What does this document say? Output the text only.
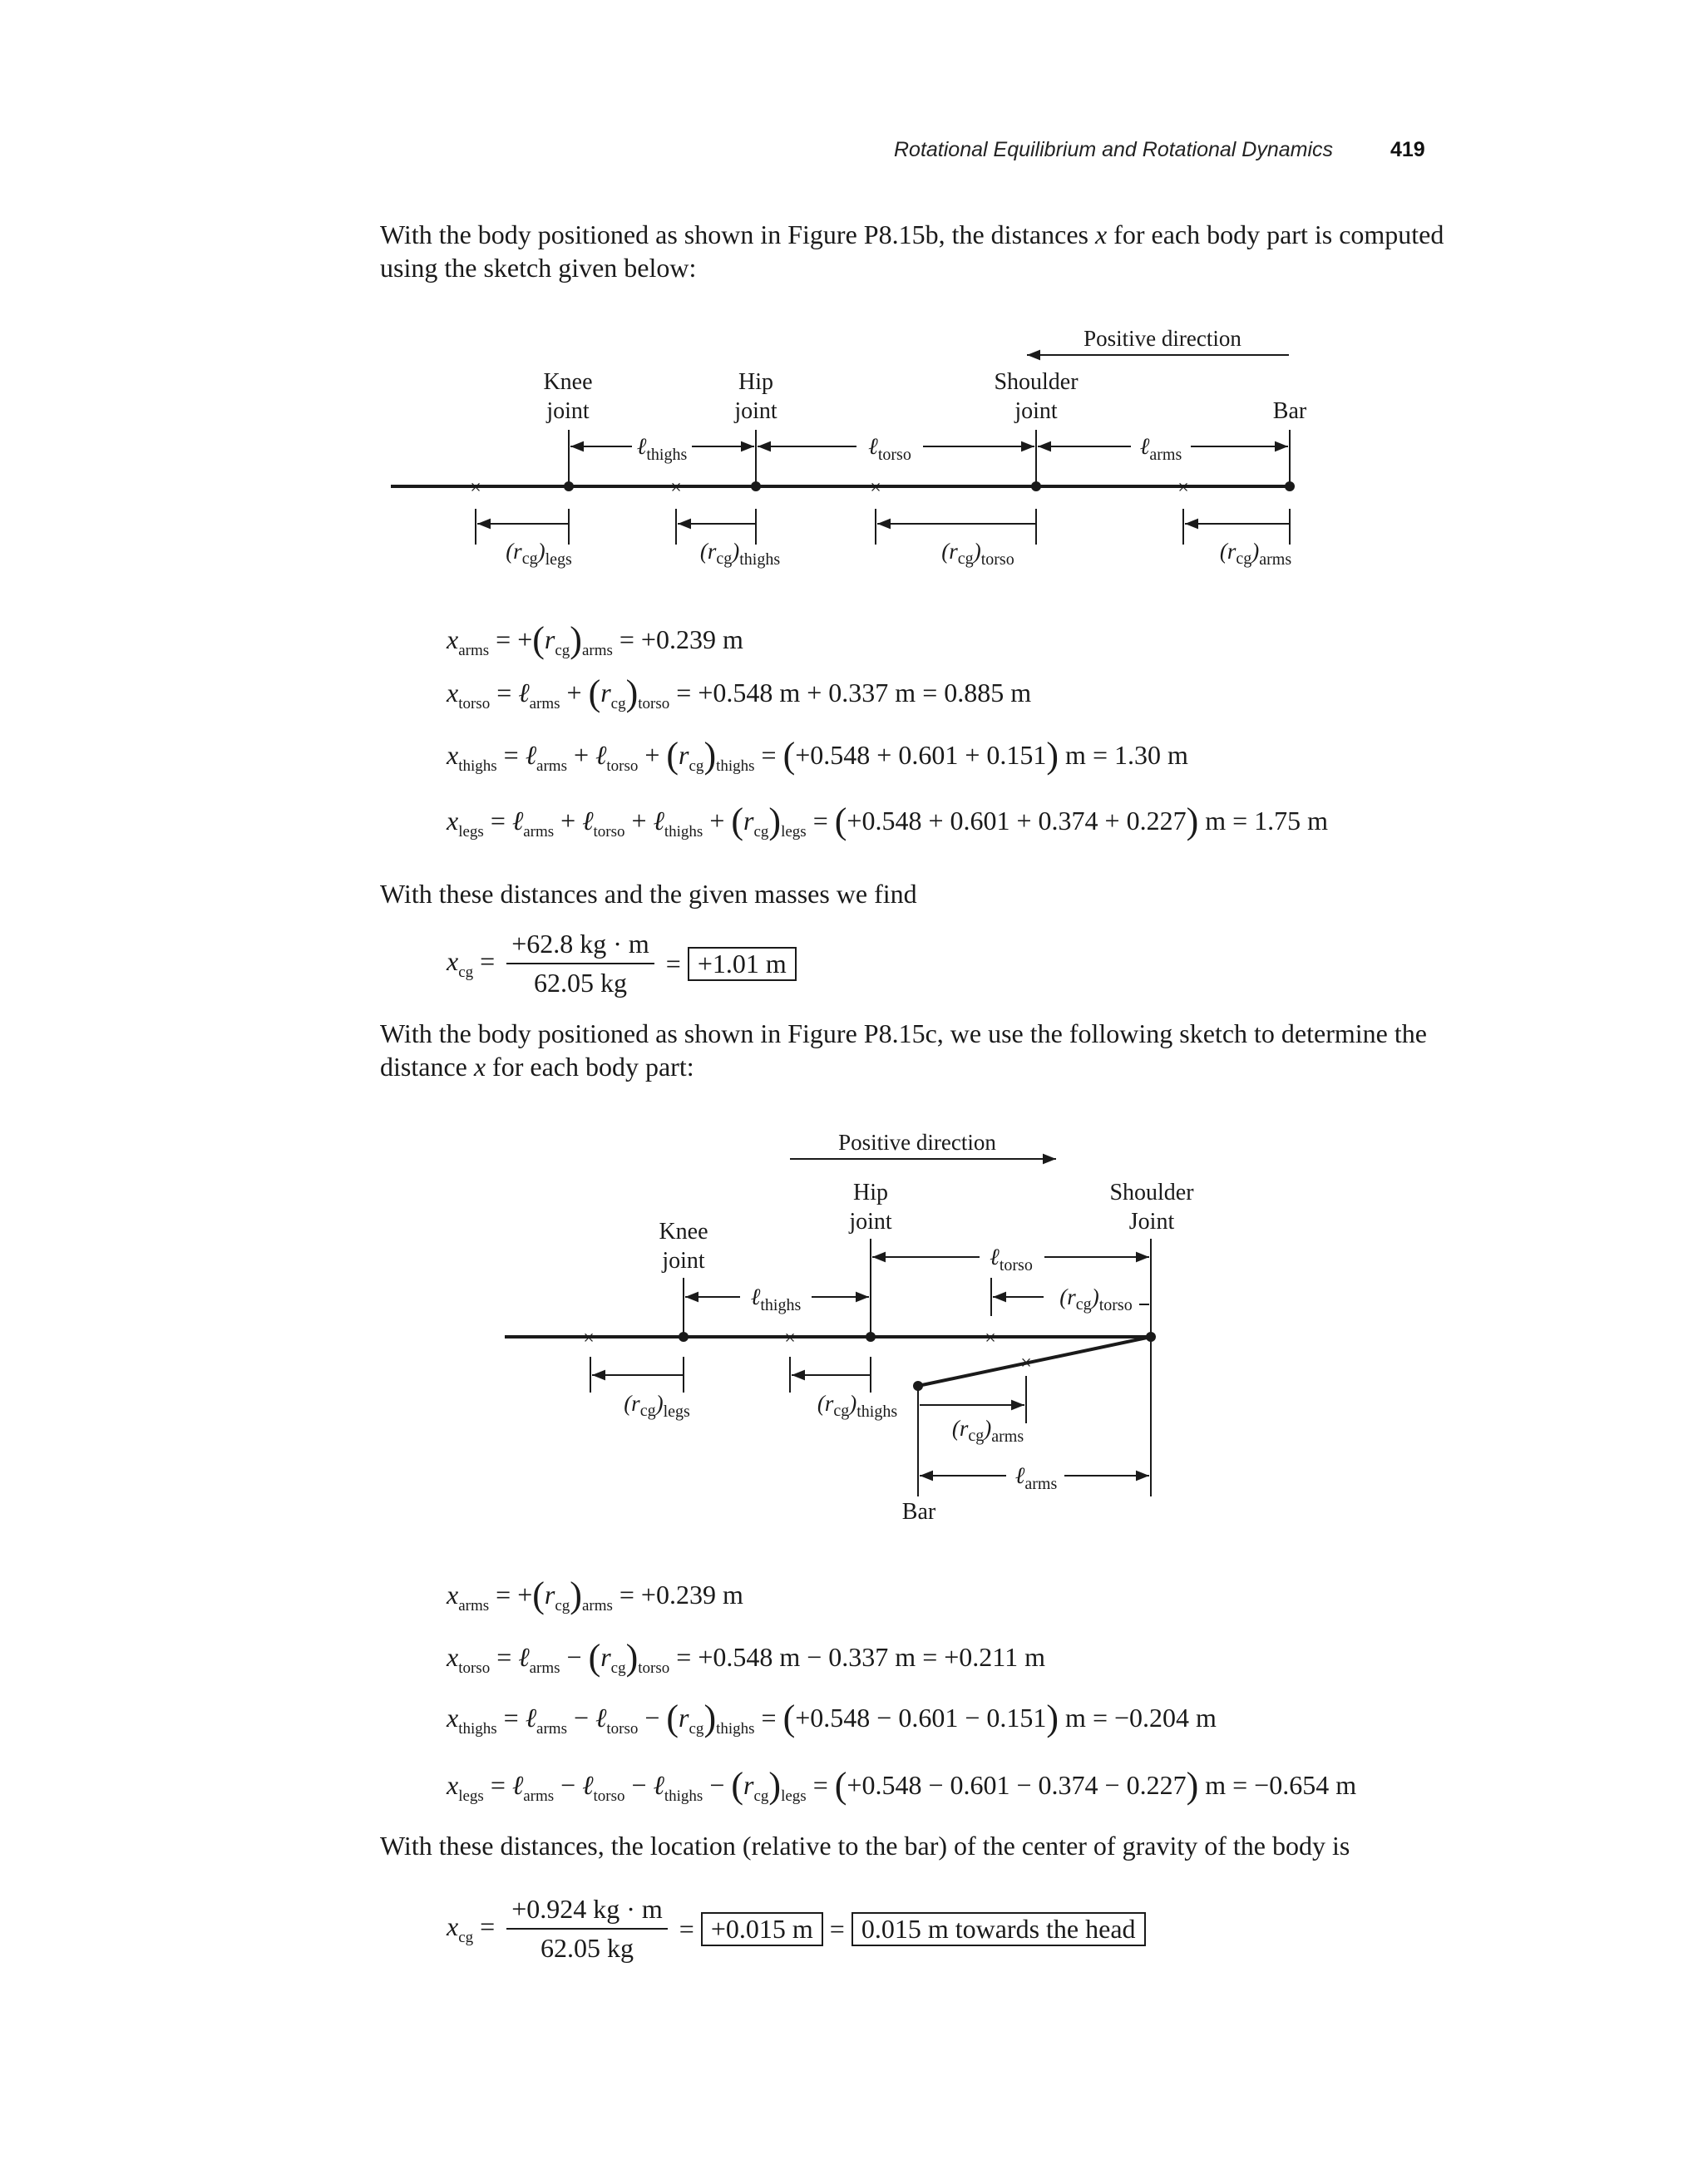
Rotational Equilibrium and Rotational Dynamics	419
With the body positioned as shown in Figure P8.15b, the distances x for each body part is computed using the sketch given below:
Positive direction
Knee
joint
Hip
joint
Shoulder
joint	Bar
ℓ$_{thighs}$	ℓ$_{torso}$	ℓ$_{arms}$
×	×	×	×
$(r_{cg})_{legs}$	$(r_{cg})_{thighs}$	$(r_{cg})_{torso}$	$(r_{cg})_{arms}$
$x_{arms} = +(r_{cg})_{arms} = +0.239$ m
$x_{torso}$ = ℓ$_{arms}$ + $(r_{cg})_{torso} = +0.548$ m + 0.337 m = 0.885 m
$x_{thighs}$ = ℓ$_{arms}$ + ℓ$_{torso}$ + $(r_{cg})_{thighs} = (+0.548 + 0.601 + 0.151) m = 1.30$ m
$x_{legs}$ = ℓ$_{arms}$ + ℓ$_{torso}$ + ℓ$_{thighs}$ + $(r_{cg})_{legs} = (+0.548 + 0.601 + 0.374 + 0.227) m = 1.75$ m
With these distances and the given masses we find
$x_{cg} = \frac{+62.8 kg \cdot m}{62.05 kg} = +1.01$ m
With the body positioned as shown in Figure P8.15c, we use the following sketch to determine the distance x for each body part:
Positive direction
Hip
joint
Shoulder
Joint
Knee
joint	ℓ$_{torso}$
$(r_{cg})_{torso}$
ℓ$_{thighs}$
×	×	×
×
$(r_{cg})_{legs}$	$(r_{cg})_{thighs}$
$(r_{cg})_{arms}$
ℓ$_{arms}$
Bar
$x_{arms} = +(r_{cg})_{arms} = +0.239$ m
$x_{torso}$ = ℓ$_{arms}$ − $(r_{cg})_{torso} = +0.548$ m − 0.337 m = +0.211 m
$x_{thighs}$ = ℓ$_{arms}$ − ℓ$_{torso}$ − $(r_{cg})_{thighs} = (+0.548 - 0.601 - 0.151) m = -0.204$ m
$x_{legs}$ = ℓ$_{arms}$ − ℓ$_{torso}$ − ℓ$_{thighs}$ − $(r_{cg})_{legs} = (+0.548 - 0.601 - 0.374 - 0.227) m = -0.654$ m
With these distances, the location (relative to the bar) of the center of gravity of the body is
$x_{cg} = \frac{+0.924 kg \cdot m}{62.05 kg} = +0.015$ m = 0.015 m towards the head
